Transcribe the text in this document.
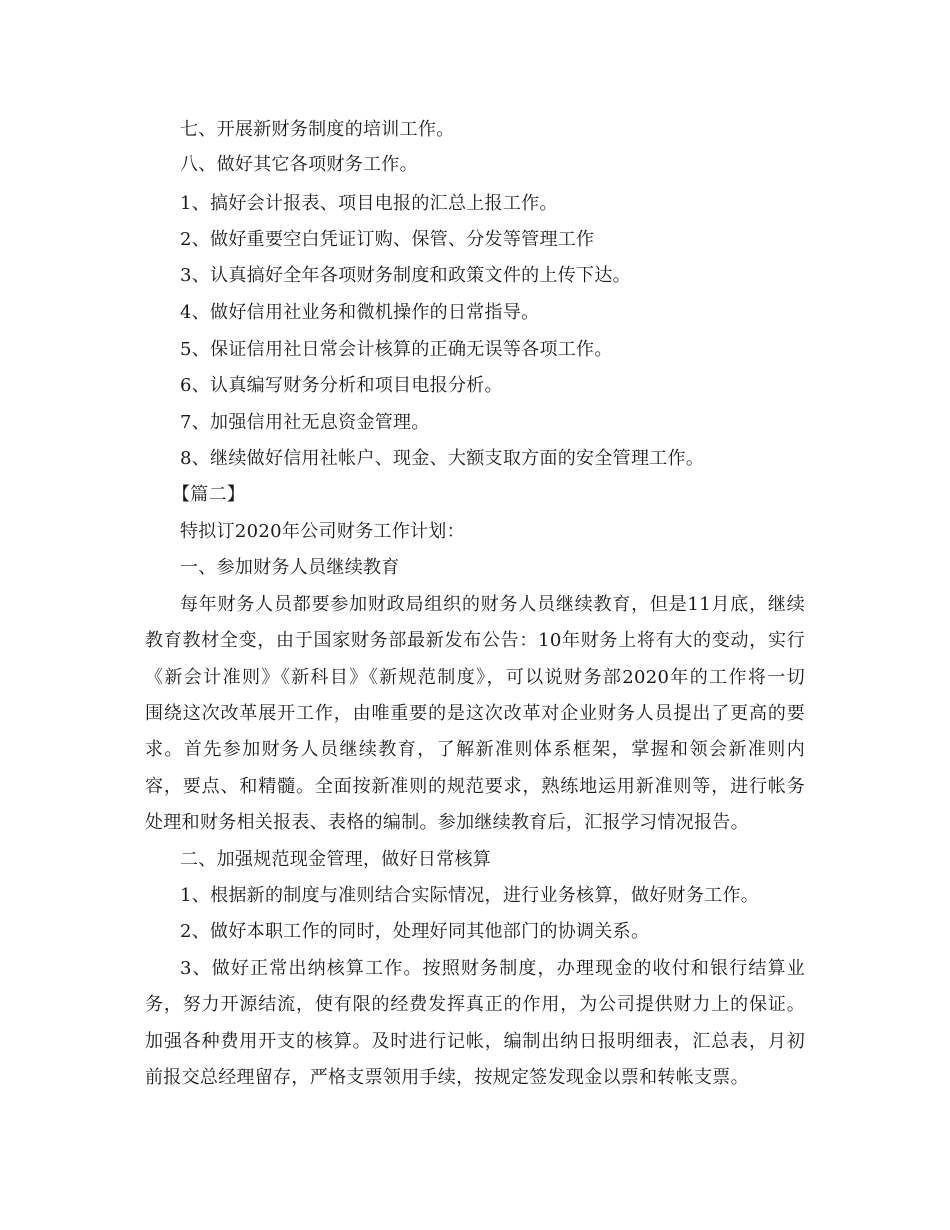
七、开展新财务制度的培训工作。
八、做好其它各项财务工作。
1、搞好会计报表、项目电报的汇总上报工作。
2、做好重要空白凭证订购、保管、分发等管理工作
3、认真搞好全年各项财务制度和政策文件的上传下达。
4、做好信用社业务和微机操作的日常指导。
5、保证信用社日常会计核算的正确无误等各项工作。
6、认真编写财务分析和项目电报分析。
7、加强信用社无息资金管理。
8、继续做好信用社帐户、现金、大额支取方面的安全管理工作。
【篇二】
特拟订2020年公司财务工作计划：
一、参加财务人员继续教育
每年财务人员都要参加财政局组织的财务人员继续教育，但是11月底，继续
教育教材全变，由于国家财务部最新发布公告：10年财务上将有大的变动，实行
《新会计准则》《新科目》《新规范制度》，可以说财务部2020年的工作将一切
围绕这次改革展开工作，由唯重要的是这次改革对企业财务人员提出了更高的要
求。首先参加财务人员继续教育，了解新准则体系框架，掌握和领会新准则内
容，要点、和精髓。全面按新准则的规范要求，熟练地运用新准则等，进行帐务
处理和财务相关报表、表格的编制。参加继续教育后，汇报学习情况报告。
二、加强规范现金管理，做好日常核算
1、根据新的制度与准则结合实际情况，进行业务核算，做好财务工作。
2、做好本职工作的同时，处理好同其他部门的协调关系。
3、做好正常出纳核算工作。按照财务制度，办理现金的收付和银行结算业
务，努力开源结流，使有限的经费发挥真正的作用，为公司提供财力上的保证。
加强各种费用开支的核算。及时进行记帐，编制出纳日报明细表，汇总表，月初
前报交总经理留存，严格支票领用手续，按规定签发现金以票和转帐支票。
